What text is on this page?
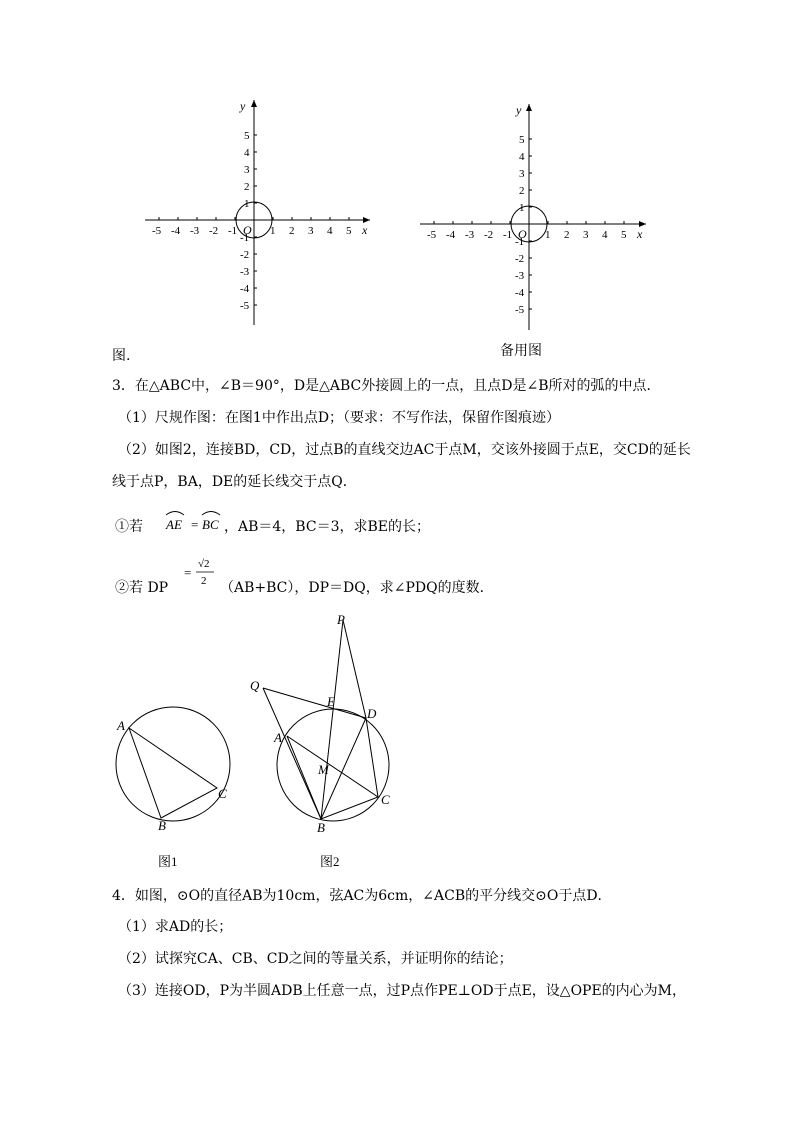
-5 -4 -3 -2 -1	1 2 3 4 5
5
4
3
2
1
-1
-2
-3
-4
-5
x
y
O	-5 -4 -3 -2 -1	1 2 3 4 5
5
4
3
2
1
-1
-2
-3
-4
-5
x
y
O
图.	备用图
3．在△ABC中，∠B＝90°，D是△ABC外接圆上的一点，且点D是∠B所对的弧的中点．
（1）尺规作图：在图1中作出点D；（要求：不写作法，保留作图痕迹）
（2）如图2，连接BD，CD，过点B的直线交边AC于点M，交该外接圆于点E，交CD的延长
线于点P，BA，DE的延长线交于点Q．
①若 AE = BC ，AB＝4，BC＝3，求BE的长；
②若 DP
=
√2
2 （AB+BC），DP＝DQ，求∠PDQ的度数．
A
B
C
P
Q
E
D
A
M
B
C
图1	图2
4．如图，⊙O的直径AB为10cm，弦AC为6cm，∠ACB的平分线交⊙O于点D．
（1）求AD的长；
（2）试探究CA、CB、CD之间的等量关系，并证明你的结论；
（3）连接OD，P为半圆ADB上任意一点，过P点作PE⊥OD于点E，设△OPE的内心为M，
